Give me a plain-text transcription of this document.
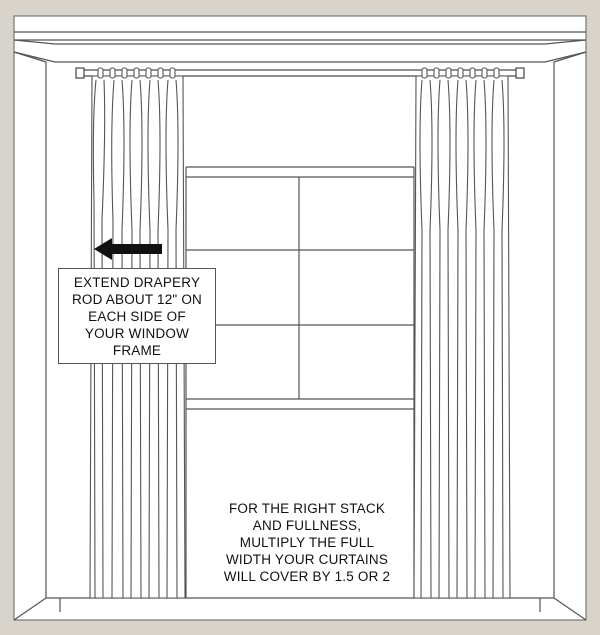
EXTEND DRAPERY
ROD ABOUT 12" ON
EACH SIDE OF
YOUR WINDOW
FRAME
FOR THE RIGHT STACK
AND FULLNESS,
MULTIPLY THE FULL
WIDTH YOUR CURTAINS
WILL COVER BY 1.5 OR 2
